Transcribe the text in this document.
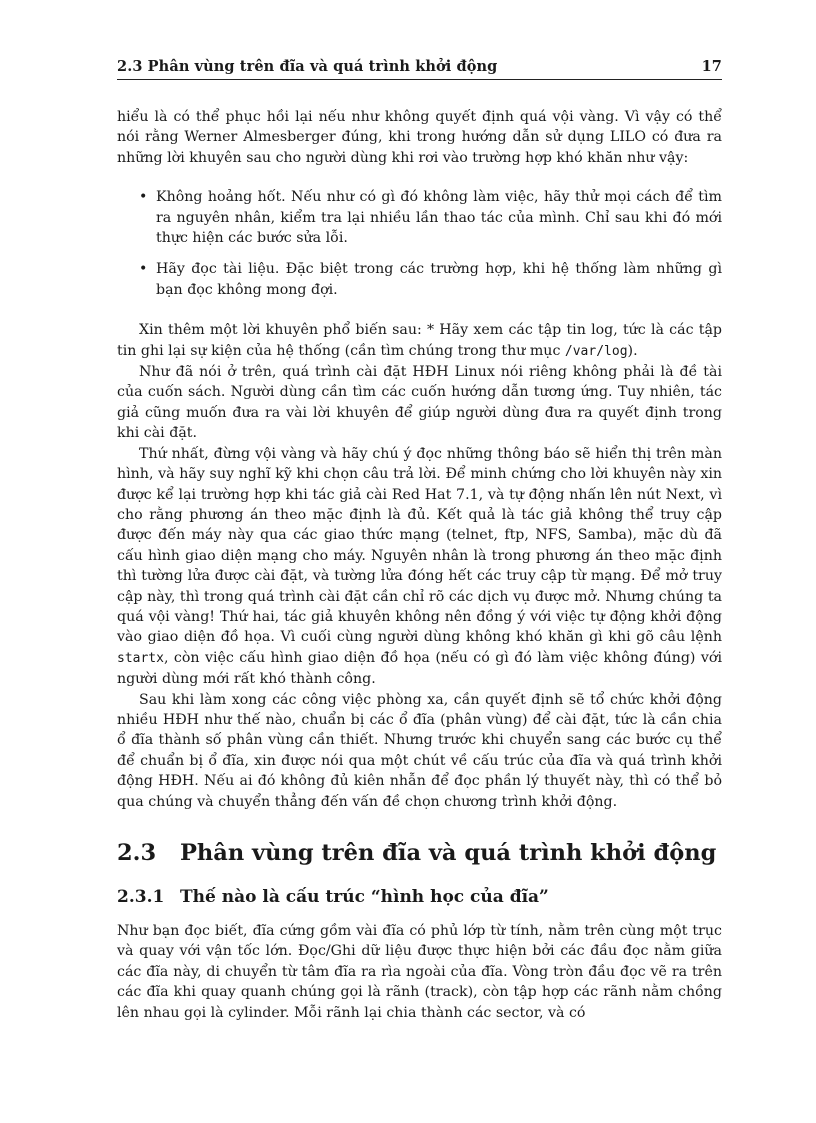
2.3 Phân vùng trên đĩa và quá trình khởi động	17

hiểu là có thể phục hồi lại nếu như không quyết định quá vội vàng. Vì vậy có thể nói rằng Werner Almesberger đúng, khi trong hướng dẫn sử dụng LILO có đưa ra những lời khuyên sau cho người dùng khi rơi vào trường hợp khó khăn như vậy:

• Không hoảng hốt. Nếu như có gì đó không làm việc, hãy thử mọi cách để tìm ra nguyên nhân, kiểm tra lại nhiều lần thao tác của mình. Chỉ sau khi đó mới thực hiện các bước sửa lỗi.
• Hãy đọc tài liệu. Đặc biệt trong các trường hợp, khi hệ thống làm những gì bạn đọc không mong đợi.

Xin thêm một lời khuyên phổ biến sau: * Hãy xem các tập tin log, tức là các tập tin ghi lại sự kiện của hệ thống (cần tìm chúng trong thư mục /var/log).

Như đã nói ở trên, quá trình cài đặt HĐH Linux nói riêng không phải là đề tài của cuốn sách. Người dùng cần tìm các cuốn hướng dẫn tương ứng. Tuy nhiên, tác giả cũng muốn đưa ra vài lời khuyên để giúp người dùng đưa ra quyết định trong khi cài đặt.

Thứ nhất, đừng vội vàng và hãy chú ý đọc những thông báo sẽ hiển thị trên màn hình, và hãy suy nghĩ kỹ khi chọn câu trả lời. Để minh chứng cho lời khuyên này xin được kể lại trường hợp khi tác giả cài Red Hat 7.1, và tự động nhấn lên nút Next, vì cho rằng phương án theo mặc định là đủ. Kết quả là tác giả không thể truy cập được đến máy này qua các giao thức mạng (telnet, ftp, NFS, Samba), mặc dù đã cấu hình giao diện mạng cho máy. Nguyên nhân là trong phương án theo mặc định thì tường lửa được cài đặt, và tường lửa đóng hết các truy cập từ mạng. Để mở truy cập này, thì trong quá trình cài đặt cần chỉ rõ các dịch vụ được mở. Nhưng chúng ta quá vội vàng! Thứ hai, tác giả khuyên không nên đồng ý với việc tự động khởi động vào giao diện đồ họa. Vì cuối cùng người dùng không khó khăn gì khi gõ câu lệnh startx, còn việc cấu hình giao diện đồ họa (nếu có gì đó làm việc không đúng) với người dùng mới rất khó thành công.

Sau khi làm xong các công việc phòng xa, cần quyết định sẽ tổ chức khởi động nhiều HĐH như thế nào, chuẩn bị các ổ đĩa (phân vùng) để cài đặt, tức là cần chia ổ đĩa thành số phân vùng cần thiết. Nhưng trước khi chuyển sang các bước cụ thể để chuẩn bị ổ đĩa, xin được nói qua một chút về cấu trúc của đĩa và quá trình khởi động HĐH. Nếu ai đó không đủ kiên nhẫn để đọc phần lý thuyết này, thì có thể bỏ qua chúng và chuyển thẳng đến vấn đề chọn chương trình khởi động.

2.3	Phân vùng trên đĩa và quá trình khởi động
2.3.1 Thế nào là cấu trúc “hình học của đĩa”

Như bạn đọc biết, đĩa cứng gồm vài đĩa có phủ lớp từ tính, nằm trên cùng một trục và quay với vận tốc lớn. Đọc/Ghi dữ liệu được thực hiện bởi các đầu đọc nằm giữa các đĩa này, di chuyển từ tâm đĩa ra rìa ngoài của đĩa. Vòng tròn đầu đọc vẽ ra trên các đĩa khi quay quanh chúng gọi là rãnh (track), còn tập hợp các rãnh nằm chồng lên nhau gọi là cylinder. Mỗi rãnh lại chia thành các sector, và có
